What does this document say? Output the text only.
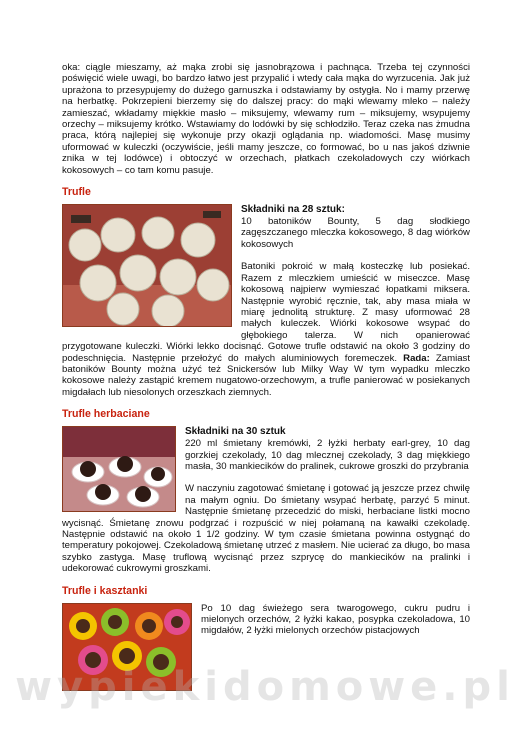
oka: ciągle mieszamy, aż mąka zrobi się jasnobrązowa i pachnąca. Trzeba tej czynności poświęcić wiele uwagi, bo bardzo łatwo jest przypalić i wtedy cała mąka do wyrzucenia. Jak już uprażona to przesypujemy do dużego garnuszka i odstawiamy by ostygła. No i mamy przerwę na herbatkę. Pokrzepieni bierzemy się do dalszej pracy: do mąki wlewamy mleko – należy zamieszać, wkładamy miękkie masło – miksujemy, wlewamy rum – miksujemy, wsypujemy orzechy – miksujemy krótko. Wstawiamy do lodówki by się schłodziło. Teraz czeka nas żmudna praca, którą najlepiej się wykonuje przy okazji oglądania np. wiadomości. Masę musimy uformować w kuleczki (oczywiście, jeśli mamy jeszcze, co formować, bo u nas jakoś dziwnie znika w tej lodówce) i obtoczyć w orzechach, płatkach czekoladowych czy wiórkach kokosowych – co tam komu pasuje.

Trufle

Składniki na 28 sztuk:

10 batoników Bounty, 5 dag słodkiego zagęszczanego mleczka kokosowego, 8 dag wiórków kokosowych

Batoniki pokroić w małą kosteczkę lub posiekać. Razem z mleczkiem umieścić w miseczce. Masę kokosową najpierw wymieszać łopatkami miksera. Następnie wyrobić ręcznie, tak, aby masa miała w miarę jednolitą strukturę. Z masy uformować 28 małych kuleczek. Wiórki kokosowe wsypać do głębokiego talerza. W nich opanierować przygotowane kuleczki. Wiórki lekko docisnąć. Gotowe trufle odstawić na około 3 godziny do podeschnięcia. Następnie przełożyć do małych aluminiowych foremeczek. Rada: Zamiast batoników Bounty można użyć też Snickersów lub Milky Way W tym wypadku mleczko kokosowe należy zastąpić kremem nugatowo-orzechowym, a trufle panierować w posiekanych migdałach lub niesolonych orzeszkach ziemnych.

Trufle herbaciane

Składniki na 30 sztuk

220 ml śmietany kremówki, 2 łyżki herbaty earl-grey, 10 dag gorzkiej czekolady, 10 dag mlecznej czekolady, 3 dag miękkiego masła, 30 mankiecików do pralinek, cukrowe groszki do przybrania

W naczyniu zagotować śmietanę i gotować ją jeszcze przez chwilę na małym ogniu. Do śmietany wsypać herbatę, parzyć 5 minut. Następnie śmietanę przecedzić do miski, herbaciane listki mocno wycisnąć. Śmietanę znowu podgrzać i rozpuścić w niej połamaną na kawałki czekoladę. Następnie odstawić na około 1 1/2 godziny. W tym czasie śmietana powinna ostygnąć do temperatury pokojowej. Czekoladową śmietanę utrzeć z masłem. Nie ucierać za długo, bo masa szybko zastyga. Masę truflową wycisnąć przez szprycę do mankiecików na pralinki i udekorować cukrowymi groszkami.

Trufle i kasztanki

Po 10 dag świeżego sera twarogowego, cukru pudru i mielonych orzechów, 2 łyżki kakao, posypka czekoladowa, 10 migdałów, 2 łyżki mielonych orzechów pistacjowych

wypiekidomowe.pl
